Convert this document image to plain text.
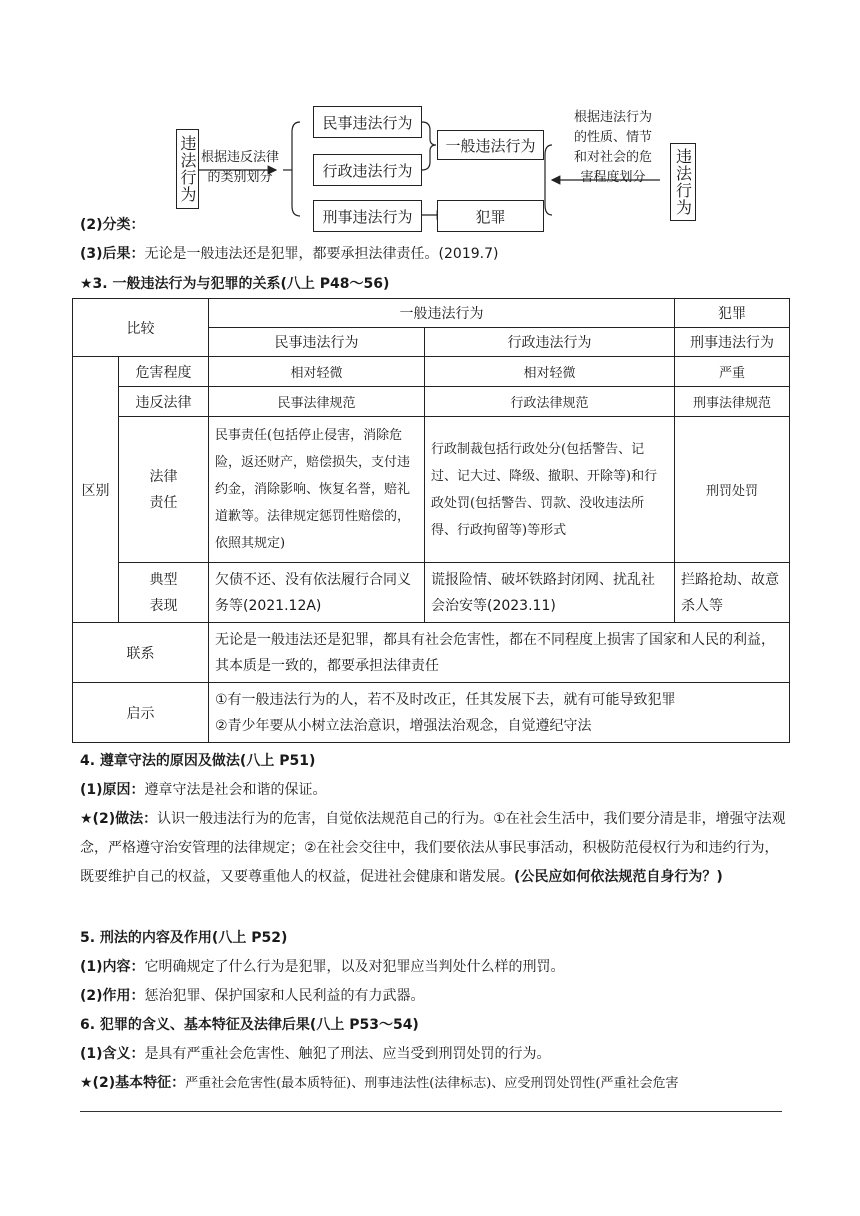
违法行为 根据违反法律
的类别划分
民事违法行为
行政违法行为
刑事违法行为
一般违法行为
犯罪
根据违法行为
的性质、情节
和对社会的危
害程度划分	违法行为
(2)分类：
(3)后果：无论是一般违法还是犯罪，都要承担法律责任。(2019.7)
★3. 一般违法行为与犯罪的关系(八上 P48～56)
比较		一般违法行为		犯罪
		民事违法行为	行政违法行为	刑事违法行为
区别	危害程度	相对轻微	相对轻微	严重
	违反法律	民事法律规范	行政法律规范	刑事法律规范
	法律
责任	民事责任(包括停止侵害，消除危险，返还财产，赔偿损失，支付违约金，消除影响、恢复名誉，赔礼道歉等。法律规定惩罚性赔偿的，依照其规定)	行政制裁包括行政处分(包括警告、记过、记大过、降级、撤职、开除等)和行政处罚(包括警告、罚款、没收违法所得、行政拘留等)等形式	刑罚处罚
	典型
表现	欠债不还、没有依法履行合同义务等(2021.12A)	谎报险情、破坏铁路封闭网、扰乱社会治安等(2023.11)	拦路抢劫、故意杀人等
联系		无论是一般违法还是犯罪，都具有社会危害性，都在不同程度上损害了国家和人民的利益，其本质是一致的，都要承担法律责任		
启示		①有一般违法行为的人，若不及时改正，任其发展下去，就有可能导致犯罪
②青少年要从小树立法治意识，增强法治观念，自觉遵纪守法		
4. 遵章守法的原因及做法(八上 P51)
(1)原因：遵章守法是社会和谐的保证。
★(2)做法：认识一般违法行为的危害，自觉依法规范自己的行为。①在社会生活中，我们要分清是非，增强守法观念，严格遵守治安管理的法律规定；②在社会交往中，我们要依法从事民事活动，积极防范侵权行为和违约行为，既要维护自己的权益，又要尊重他人的权益，促进社会健康和谐发展。(公民应如何依法规范自身行为？)
5. 刑法的内容及作用(八上 P52)
(1)内容：它明确规定了什么行为是犯罪，以及对犯罪应当判处什么样的刑罚。
(2)作用：惩治犯罪、保护国家和人民利益的有力武器。
6. 犯罪的含义、基本特征及法律后果(八上 P53～54)
(1)含义：是具有严重社会危害性、触犯了刑法、应当受到刑罚处罚的行为。
★(2)基本特征：严重社会危害性(最本质特征)、刑事违法性(法律标志)、应受刑罚处罚性(严重社会危害
